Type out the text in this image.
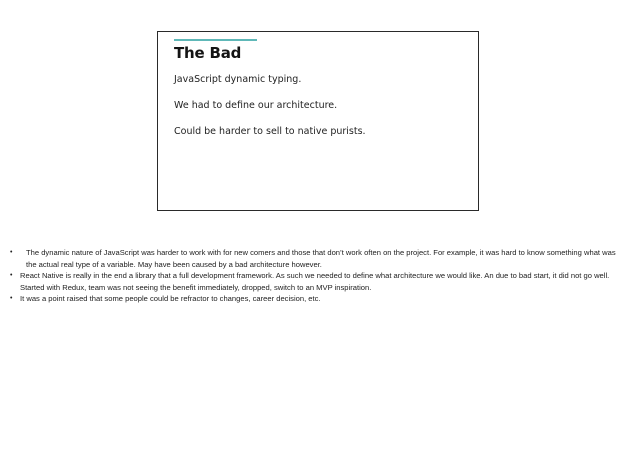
The Bad
JavaScript dynamic typing.
We had to define our architecture.
Could be harder to sell to native purists.
•	The dynamic nature of JavaScript was harder to work with for new comers and those that don’t work often on the project. For example, it was hard to know something what was the actual real type of a variable. May have been caused by a bad architecture however.
• React Native is really in the end a library that a full development framework. As such we needed to define what architecture we would like. An due to bad start, it did not go well. Started with Redux, team was not seeing the benefit immediately, dropped, switch to an MVP inspiration.
• It was a point raised that some people could be refractor to changes, career decision, etc.
